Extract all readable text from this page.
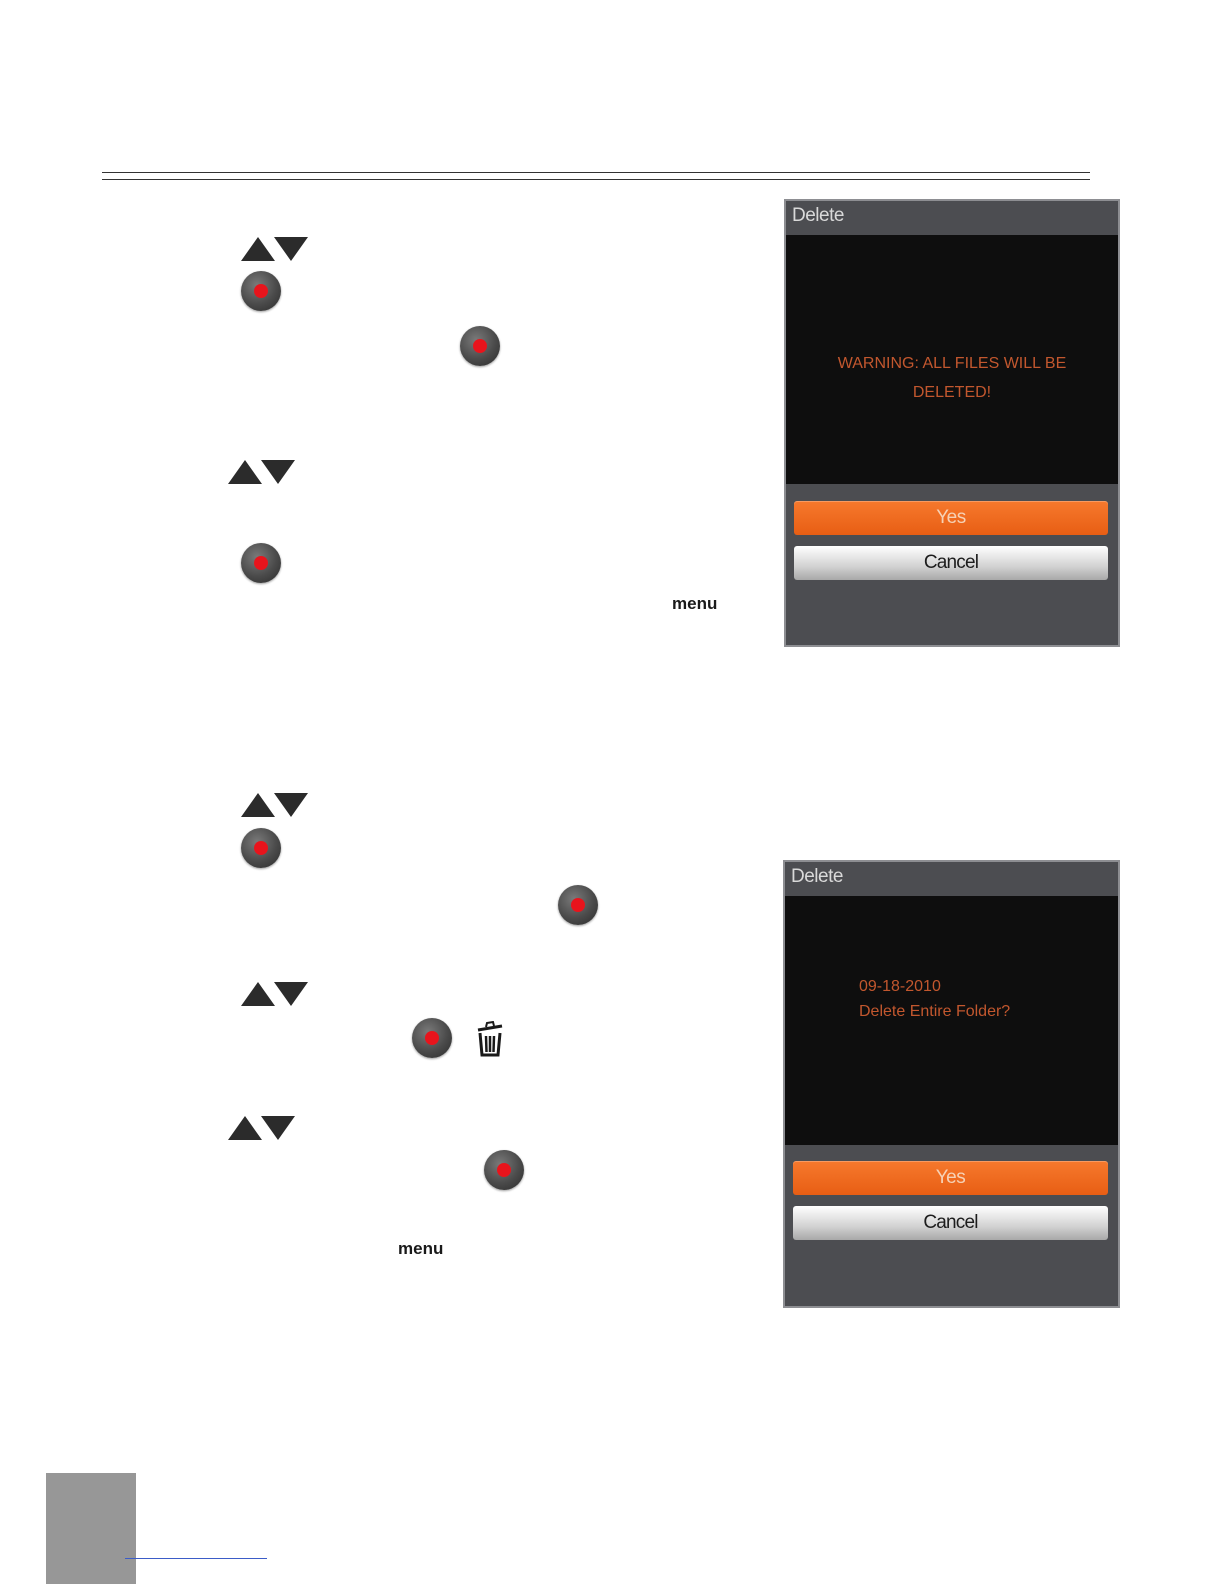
menu
Delete
WARNING: ALL FILES WILL BE
DELETED!
Yes
Cancel
menu
Delete
09-18-2010
Delete Entire Folder?
Yes
Cancel
